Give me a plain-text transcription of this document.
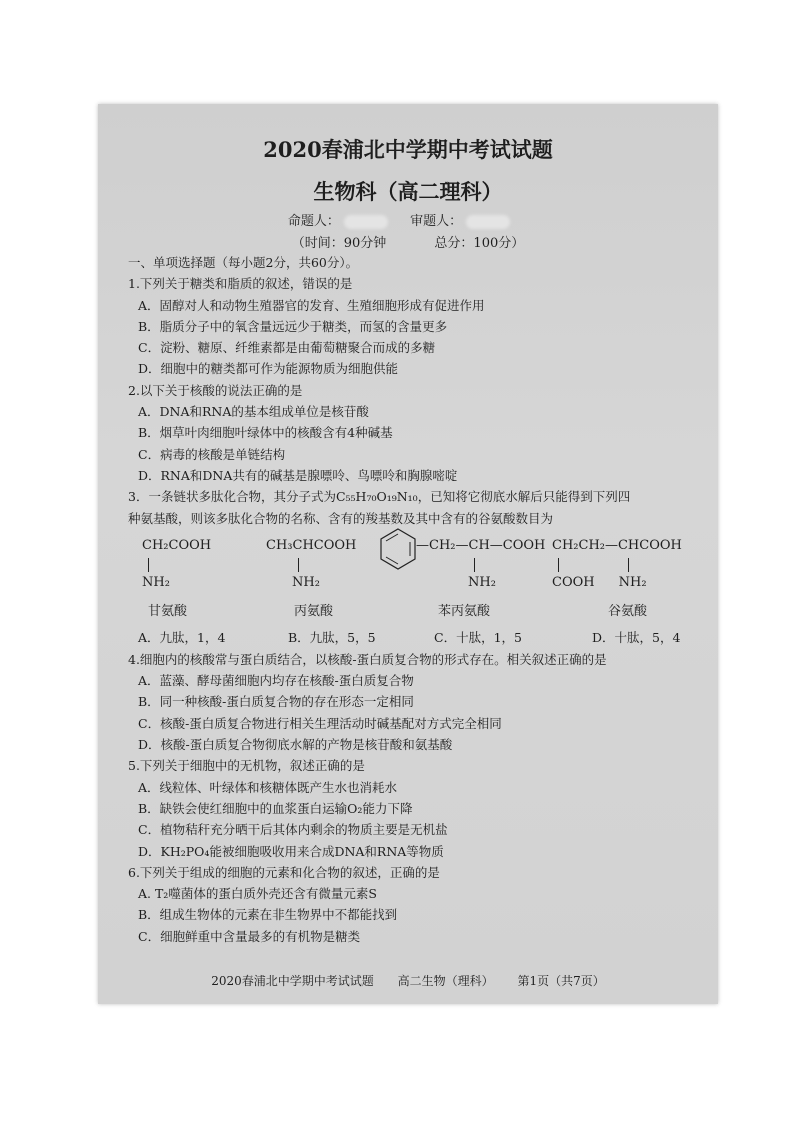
2020春浦北中学期中考试试题
生物科（高二理科）
命题人：	审题人：
（时间：90分钟	总分：100分）
一、单项选择题（每小题2分，共60分）。
1.下列关于糖类和脂质的叙述，错误的是
A．固醇对人和动物生殖器官的发育、生殖细胞形成有促进作用
B．脂质分子中的氧含量远远少于糖类，而氢的含量更多
C．淀粉、糖原、纤维素都是由葡萄糖聚合而成的多糖
D．细胞中的糖类都可作为能源物质为细胞供能
2.以下关于核酸的说法正确的是
A．DNA和RNA的基本组成单位是核苷酸
B．烟草叶肉细胞叶绿体中的核酸含有4种碱基
C．病毒的核酸是单链结构
D．RNA和DNA共有的碱基是腺嘌呤、鸟嘌呤和胸腺嘧啶
3．一条链状多肽化合物，其分子式为C₅₅H₇₀O₁₉N₁₀，已知将它彻底水解后只能得到下列四
种氨基酸，则该多肽化合物的名称、含有的羧基数及其中含有的谷氨酸数目为
CH₂COOH
NH₂
甘氨酸
CH₃CHCOOH
NH₂
丙氨酸
—CH₂—CH—COOH
NH₂
苯丙氨酸
CH₂CH₂—CHCOOH
COOH NH₂
谷氨酸
A．九肽，1，4	B．九肽，5，5	C．十肽，1，5	D．十肽，5，4
4.细胞内的核酸常与蛋白质结合，以核酸-蛋白质复合物的形式存在。相关叙述正确的是
A．蓝藻、酵母菌细胞内均存在核酸-蛋白质复合物
B．同一种核酸-蛋白质复合物的存在形态一定相同
C．核酸-蛋白质复合物进行相关生理活动时碱基配对方式完全相同
D．核酸-蛋白质复合物彻底水解的产物是核苷酸和氨基酸
5.下列关于细胞中的无机物，叙述正确的是
A．线粒体、叶绿体和核糖体既产生水也消耗水
B．缺铁会使红细胞中的血浆蛋白运输O₂能力下降
C．植物秸秆充分晒干后其体内剩余的物质主要是无机盐
D．KH₂PO₄能被细胞吸收用来合成DNA和RNA等物质
6.下列关于组成的细胞的元素和化合物的叙述，正确的是
A. T₂噬菌体的蛋白质外壳还含有微量元素S
B．组成生物体的元素在非生物界中不都能找到
C．细胞鲜重中含量最多的有机物是糖类
2020春浦北中学期中考试试题 高二生物（理科） 第1页（共7页）
